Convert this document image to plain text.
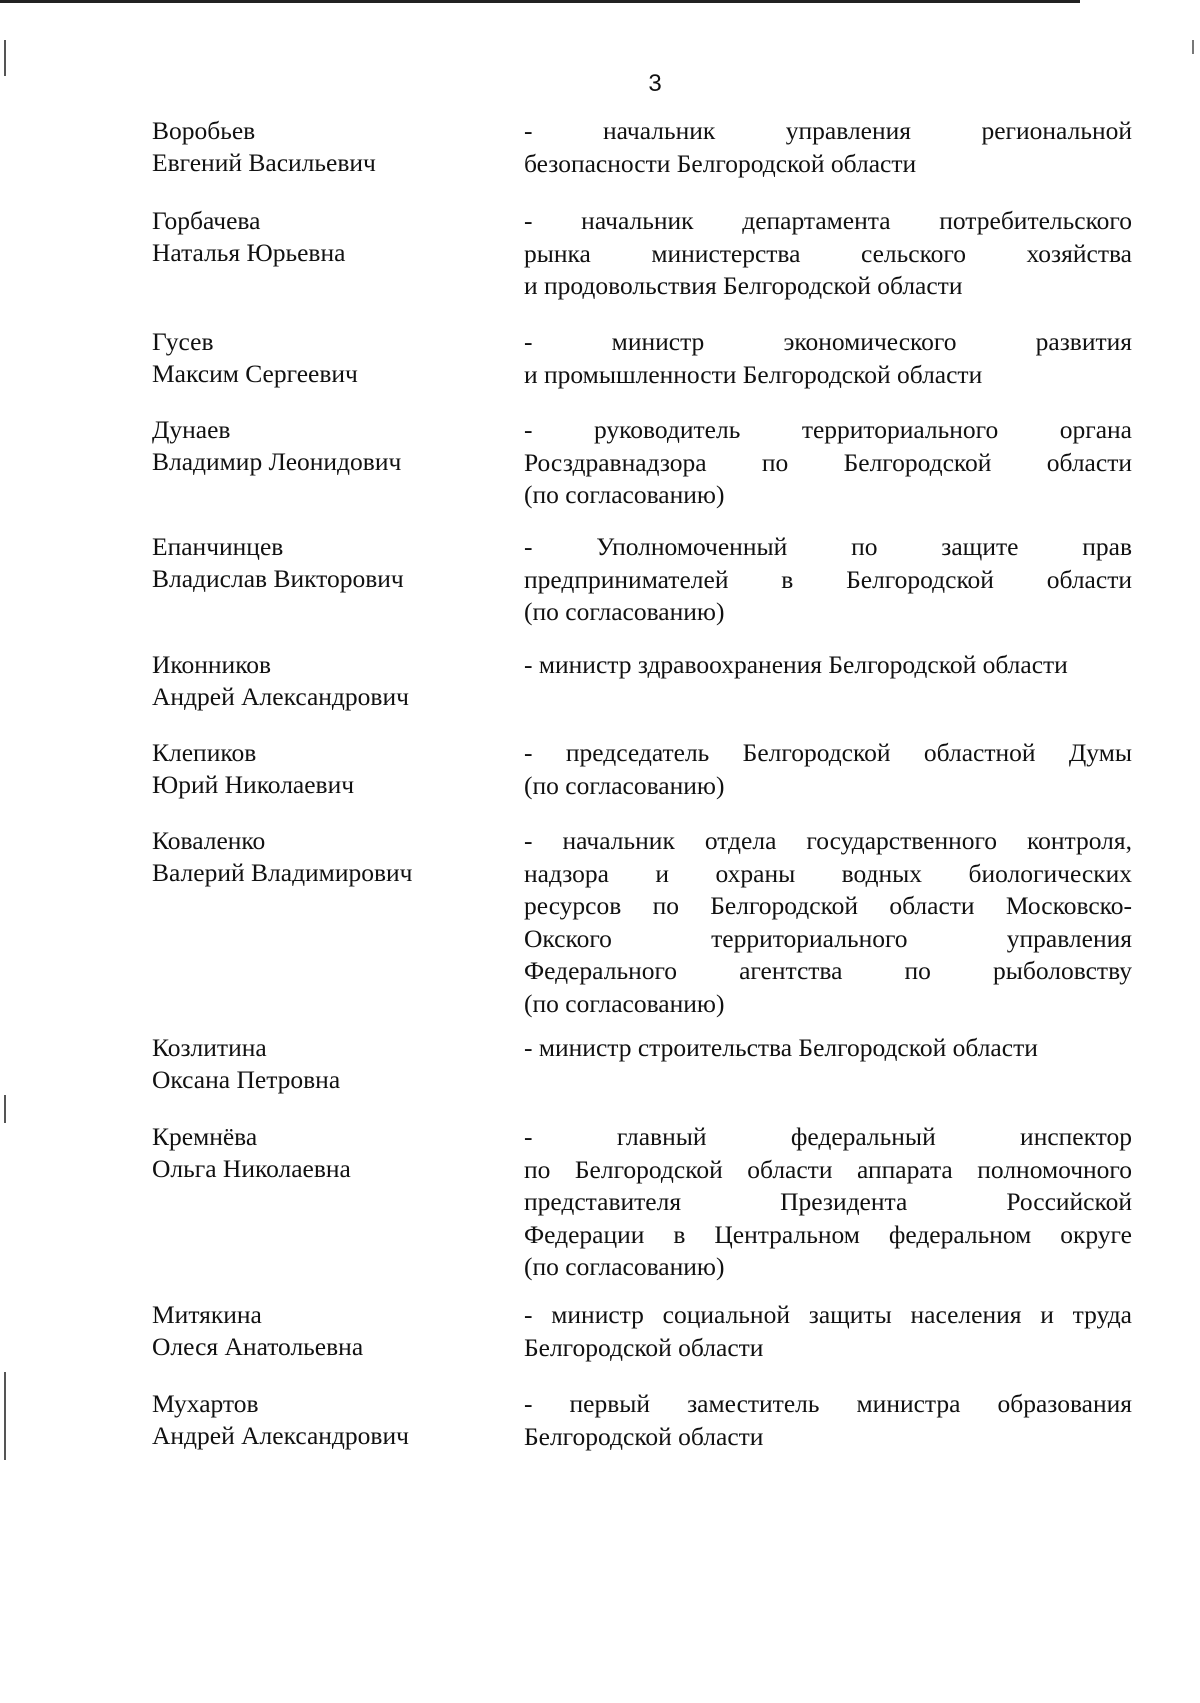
3
Воробьев
Евгений Васильевич
- начальник управления региональной
безопасности Белгородской области
Горбачева
Наталья Юрьевна
- начальник департамента потребительского
рынка министерства сельского хозяйства
и продовольствия Белгородской области
Гусев
Максим Сергеевич
- министр экономического развития
и промышленности Белгородской области
Дунаев
Владимир Леонидович
- руководитель территориального органа
Росздравнадзора по Белгородской области
(по согласованию)
Епанчинцев
Владислав Викторович
- Уполномоченный по защите прав
предпринимателей в Белгородской области
(по согласованию)
Иконников
Андрей Александрович
- министр здравоохранения Белгородской области
Клепиков
Юрий Николаевич
- председатель Белгородской областной Думы
(по согласованию)
Коваленко
Валерий Владимирович
- начальник отдела государственного контроля,
надзора и охраны водных биологических
ресурсов по Белгородской области Московско-
Окского территориального управления
Федерального агентства по рыболовству
(по согласованию)
Козлитина
Оксана Петровна
- министр строительства Белгородской области
Кремнёва
Ольга Николаевна
- главный федеральный инспектор
по Белгородской области аппарата полномочного
представителя Президента Российской
Федерации в Центральном федеральном округе
(по согласованию)
Митякина
Олеся Анатольевна
- министр социальной защиты населения и труда
Белгородской области
Мухартов
Андрей Александрович
- первый заместитель министра образования
Белгородской области
